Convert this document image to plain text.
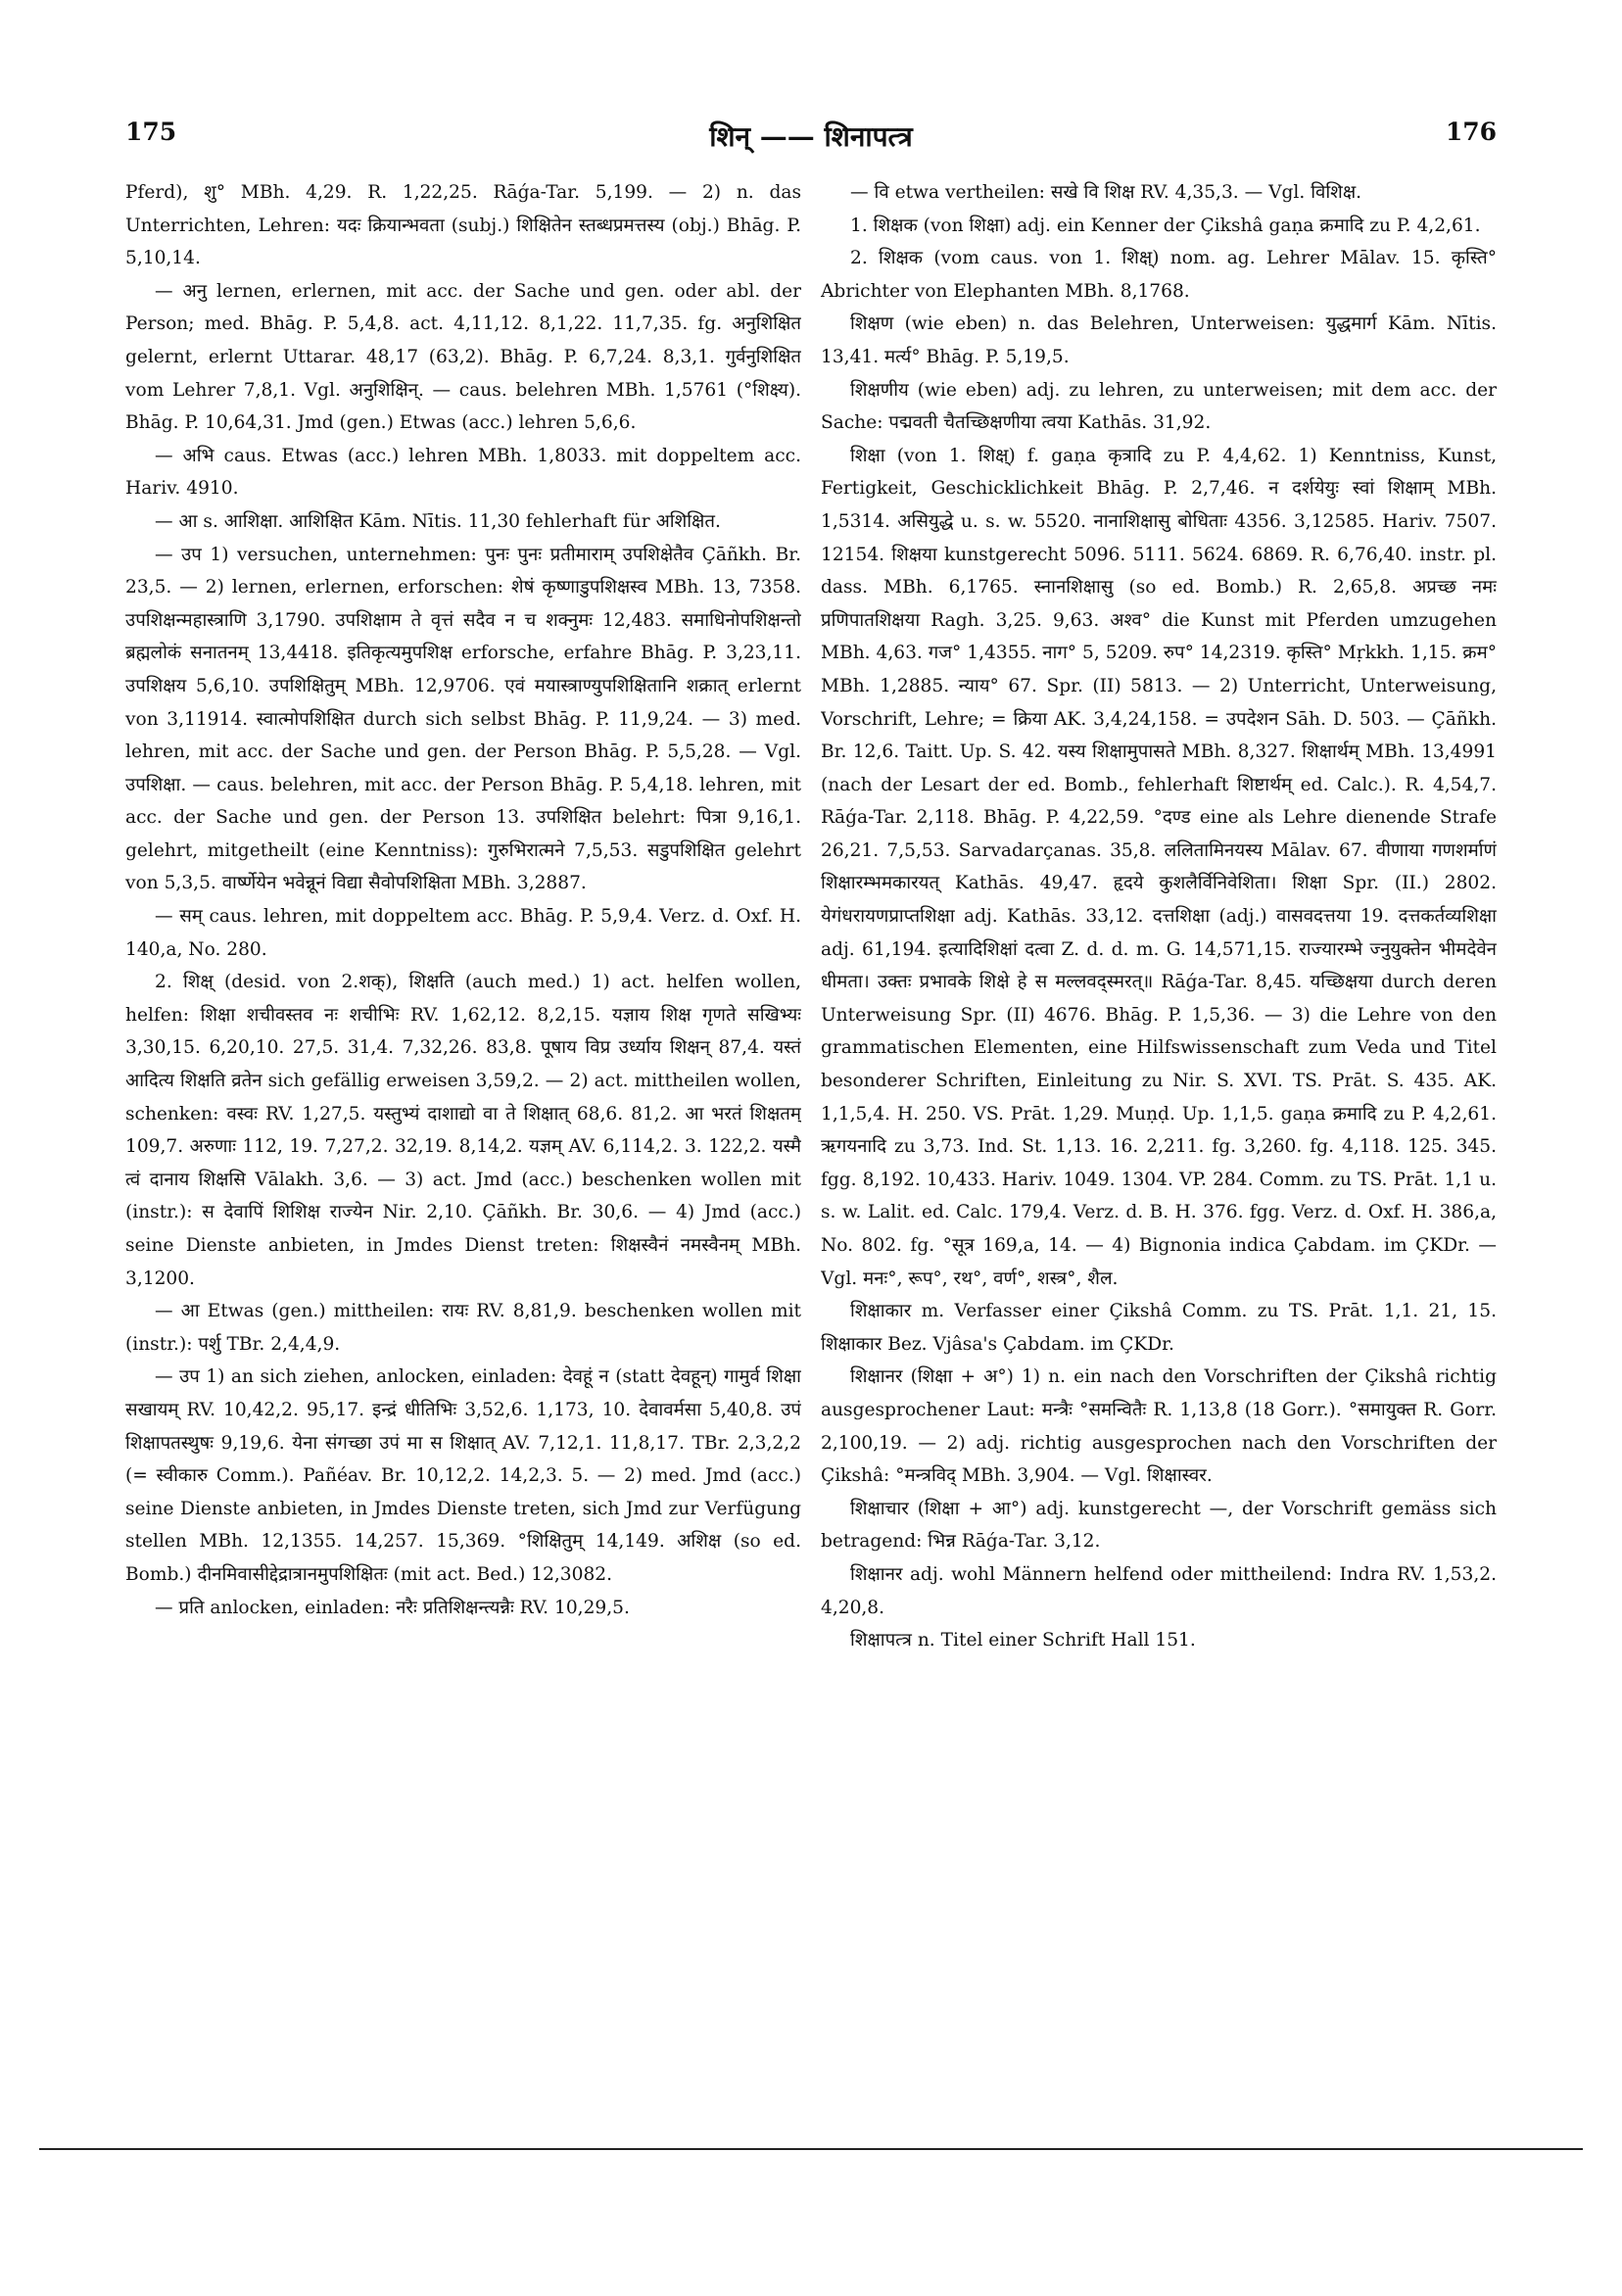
175	शिन् —— शिनापत्त्र	176

Pferd), शु° MBh. 4,29. R. 1,22,25. Rāǵa-Tar. 5,199. — 2) n. das Unterrichten, Lehren: यदः क्रियान्भवता (subj.) शिक्षितेन स्तब्धप्रमत्तस्य (obj.) Bhāg. P. 5,10,14.

— अनु lernen, erlernen, mit acc. der Sache und gen. oder abl. der Person; med. Bhāg. P. 5,4,8. act. 4,11,12. 8,1,22. 11,7,35. fg. अनुशिक्षित gelernt, erlernt Uttarar. 48,17 (63,2). Bhāg. P. 6,7,24. 8,3,1. गुर्वनुशिक्षित vom Lehrer 7,8,1. Vgl. अनुशिक्षिन्. — caus. belehren MBh. 1,5761 (°शिक्ष्य). Bhāg. P. 10,64,31. Jmd (gen.) Etwas (acc.) lehren 5,6,6.

— अभि caus. Etwas (acc.) lehren MBh. 1,8033. mit doppeltem acc. Hariv. 4910.

— आ s. आशिक्षा. आशिक्षित Kām. Nītis. 11,30 fehlerhaft für अशिक्षित.

— उप 1) versuchen, unternehmen: पुनः पुनः प्रतीमाराम् उपशिक्षेतैव Çāñkh. Br. 23,5. — 2) lernen, erlernen, erforschen: शेषं कृष्णाडुपशिक्षस्व MBh. 13, 7358. उपशिक्षन्महास्त्राणि 3,1790. उपशिक्षाम ते वृत्तं सदैव न च शक्नुमः 12,483. समाधिनोपशिक्षन्तो ब्रह्मलोकं सनातनम् 13,4418. इतिकृत्यमुपशिक्ष erforsche, erfahre Bhāg. P. 3,23,11. उपशिक्षय 5,6,10. उपशिक्षितुम् MBh. 12,9706. एवं मयास्त्राण्युपशिक्षितानि शक्रात् erlernt von 3,11914. स्वात्मोपशिक्षित durch sich selbst Bhāg. P. 11,9,24. — 3) med. lehren, mit acc. der Sache und gen. der Person Bhāg. P. 5,5,28. — Vgl. उपशिक्षा. — caus. belehren, mit acc. der Person Bhāg. P. 5,4,18. lehren, mit acc. der Sache und gen. der Person 13. उपशिक्षित belehrt: पित्रा 9,16,1. gelehrt, mitgetheilt (eine Kenntniss): गुरुभिरात्मने 7,5,53. सडुपशिक्षित gelehrt von 5,3,5. वार्ष्णेयेन भवेन्नूनं विद्या सैवोपशिक्षिता MBh. 3,2887.

— सम् caus. lehren, mit doppeltem acc. Bhāg. P. 5,9,4. Verz. d. Oxf. H. 140,a, No. 280.

2. शिक्ष् (desid. von 2.शक्), शिक्षति (auch med.) 1) act. helfen wollen, helfen: शिक्षा शचीवस्तव नः शचीभिः RV. 1,62,12. 8,2,15. यज्ञाय शिक्ष गृणते सखिभ्यः 3,30,15. 6,20,10. 27,5. 31,4. 7,32,26. 83,8. पूषाय विप्र उर्ध्याय शिक्षन् 87,4. यस्तं आदित्य शिक्षति व्रतेन sich gefällig erweisen 3,59,2. — 2) act. mittheilen wollen, schenken: वस्वः RV. 1,27,5. यस्तुभ्यं दाशाद्यो वा ते शिक्षात् 68,6. 81,2. आ भरतं शिक्षतम् 109,7. अरुणाः 112, 19. 7,27,2. 32,19. 8,14,2. यज्ञम् AV. 6,114,2. 3. 122,2. यस्मै त्वं दानाय शिक्षसि Vālakh. 3,6. — 3) act. Jmd (acc.) beschenken wollen mit (instr.): स देवापिं शिशिक्ष राज्येन Nir. 2,10. Çāñkh. Br. 30,6. — 4) Jmd (acc.) seine Dienste anbieten, in Jmdes Dienst treten: शिक्षस्वैनं नमस्वैनम् MBh. 3,1200.

— आ Etwas (gen.) mittheilen: रायः RV. 8,81,9. beschenken wollen mit (instr.): पर्शु TBr. 2,4,4,9.

— उप 1) an sich ziehen, anlocken, einladen: देवहूं न (statt देवहून्) गामुर्व शिक्षा सखायम् RV. 10,42,2. 95,17. इन्द्रं धीतिभिः 3,52,6. 1,173, 10. देवावर्मसा 5,40,8. उपं शिक्षापतस्थुषः 9,19,6. येना संगच्छा उपं मा स शिक्षात् AV. 7,12,1. 11,8,17. TBr. 2,3,2,2 (= स्वीकारु Comm.). Pañéav. Br. 10,12,2. 14,2,3. 5. — 2) med. Jmd (acc.) seine Dienste anbieten, in Jmdes Dienste treten, sich Jmd zur Verfügung stellen MBh. 12,1355. 14,257. 15,369. °शिक्षितुम् 14,149. अशिक्ष (so ed. Bomb.) दीनमिवासीद्देद्रात्रानमुपशिक्षितः (mit act. Bed.) 12,3082.

— प्रति anlocken, einladen: नरैः प्रतिशिक्षन्त्यन्नैः RV. 10,29,5.

— वि etwa vertheilen: सखे वि शिक्ष RV. 4,35,3. — Vgl. विशिक्ष.

1. शिक्षक (von शिक्षा) adj. ein Kenner der Çikshâ gaṇa क्रमादि zu P. 4,2,61.

2. शिक्षक (vom caus. von 1. शिक्ष्) nom. ag. Lehrer Mālav. 15. कृस्ति° Abrichter von Elephanten MBh. 8,1768.

शिक्षण (wie eben) n. das Belehren, Unterweisen: युद्धमार्ग Kām. Nītis. 13,41. मर्त्य° Bhāg. P. 5,19,5.

शिक्षणीय (wie eben) adj. zu lehren, zu unterweisen; mit dem acc. der Sache: पद्मवती चैतच्छिक्षणीया त्वया Kathās. 31,92.

शिक्षा (von 1. शिक्ष्) f. gaṇa कृत्रादि zu P. 4,4,62. 1) Kenntniss, Kunst, Fertigkeit, Geschicklichkeit Bhāg. P. 2,7,46. न दर्शयेयुः स्वां शिक्षाम् MBh. 1,5314. असियुद्धे u. s. w. 5520. नानाशिक्षासु बोधिताः 4356. 3,12585. Hariv. 7507. 12154. शिक्षया kunstgerecht 5096. 5111. 5624. 6869. R. 6,76,40. instr. pl. dass. MBh. 6,1765. स्नानशिक्षासु (so ed. Bomb.) R. 2,65,8. अप्रच्छ नमः प्रणिपातशिक्षया Ragh. 3,25. 9,63. अश्व° die Kunst mit Pferden umzugehen MBh. 4,63. गज° 1,4355. नाग° 5, 5209. रुप° 14,2319. कृस्ति° Mṛkkh. 1,15. क्रम° MBh. 1,2885. न्याय° 67. Spr. (II) 5813. — 2) Unterricht, Unterweisung, Vorschrift, Lehre; = क्रिया AK. 3,4,24,158. = उपदेशन Sāh. D. 503. — Çāñkh. Br. 12,6. Taitt. Up. S. 42. यस्य शिक्षामुपासते MBh. 8,327. शिक्षार्थम् MBh. 13,4991 (nach der Lesart der ed. Bomb., fehlerhaft शिष्टार्थम् ed. Calc.). R. 4,54,7. Rāǵa-Tar. 2,118. Bhāg. P. 4,22,59. °दण्ड eine als Lehre dienende Strafe 26,21. 7,5,53. Sarvadarçanas. 35,8. ललितामिनयस्य Mālav. 67. वीणाया गणशर्माणं शिक्षारम्भमकारयत् Kathās. 49,47. हृदये कुशलैर्विनिवेशिता। शिक्षा Spr. (II.) 2802. येगंधरायणप्राप्तशिक्षा adj. Kathās. 33,12. दत्तशिक्षा (adj.) वासवदत्तया 19. दत्तकर्तव्यशिक्षा adj. 61,194. इत्यादिशिक्षां दत्वा Z. d. d. m. G. 14,571,15. राज्यारम्भे ज्नुयुक्तेन भीमदेवेन धीमता। उक्तः प्रभावके शिक्षे हे स मल्लवद्स्मरत्॥ Rāǵa-Tar. 8,45. यच्छिक्षया durch deren Unterweisung Spr. (II) 4676. Bhāg. P. 1,5,36. — 3) die Lehre von den grammatischen Elementen, eine Hilfswissenschaft zum Veda und Titel besonderer Schriften, Einleitung zu Nir. S. XVI. TS. Prāt. S. 435. AK. 1,1,5,4. H. 250. VS. Prāt. 1,29. Muṇḍ. Up. 1,1,5. gaṇa क्रमादि zu P. 4,2,61. ऋगयनादि zu 3,73. Ind. St. 1,13. 16. 2,211. fg. 3,260. fg. 4,118. 125. 345. fgg. 8,192. 10,433. Hariv. 1049. 1304. VP. 284. Comm. zu TS. Prāt. 1,1 u. s. w. Lalit. ed. Calc. 179,4. Verz. d. B. H. 376. fgg. Verz. d. Oxf. H. 386,a, No. 802. fg. °सूत्र 169,a, 14. — 4) Bignonia indica Çabdam. im ÇKDr. — Vgl. मनः°, रूप°, रथ°, वर्ण°, शस्त्र°, शैल.

शिक्षाकार m. Verfasser einer Çikshâ Comm. zu TS. Prāt. 1,1. 21, 15. शिक्षाकार Bez. Vjâsa's Çabdam. im ÇKDr.

शिक्षानर (शिक्षा + अ°) 1) n. ein nach den Vorschriften der Çikshâ richtig ausgesprochener Laut: मन्त्रैः °समन्वितैः R. 1,13,8 (18 Gorr.). °समायुक्त R. Gorr. 2,100,19. — 2) adj. richtig ausgesprochen nach den Vorschriften der Çikshâ: °मन्त्रविद् MBh. 3,904. — Vgl. शिक्षास्वर.

शिक्षाचार (शिक्षा + आ°) adj. kunstgerecht —, der Vorschrift gemäss sich betragend: भिन्न Rāǵa-Tar. 3,12.

शिक्षानर adj. wohl Männern helfend oder mittheilend: Indra RV. 1,53,2. 4,20,8.

शिक्षापत्त्र n. Titel einer Schrift Hall 151.
